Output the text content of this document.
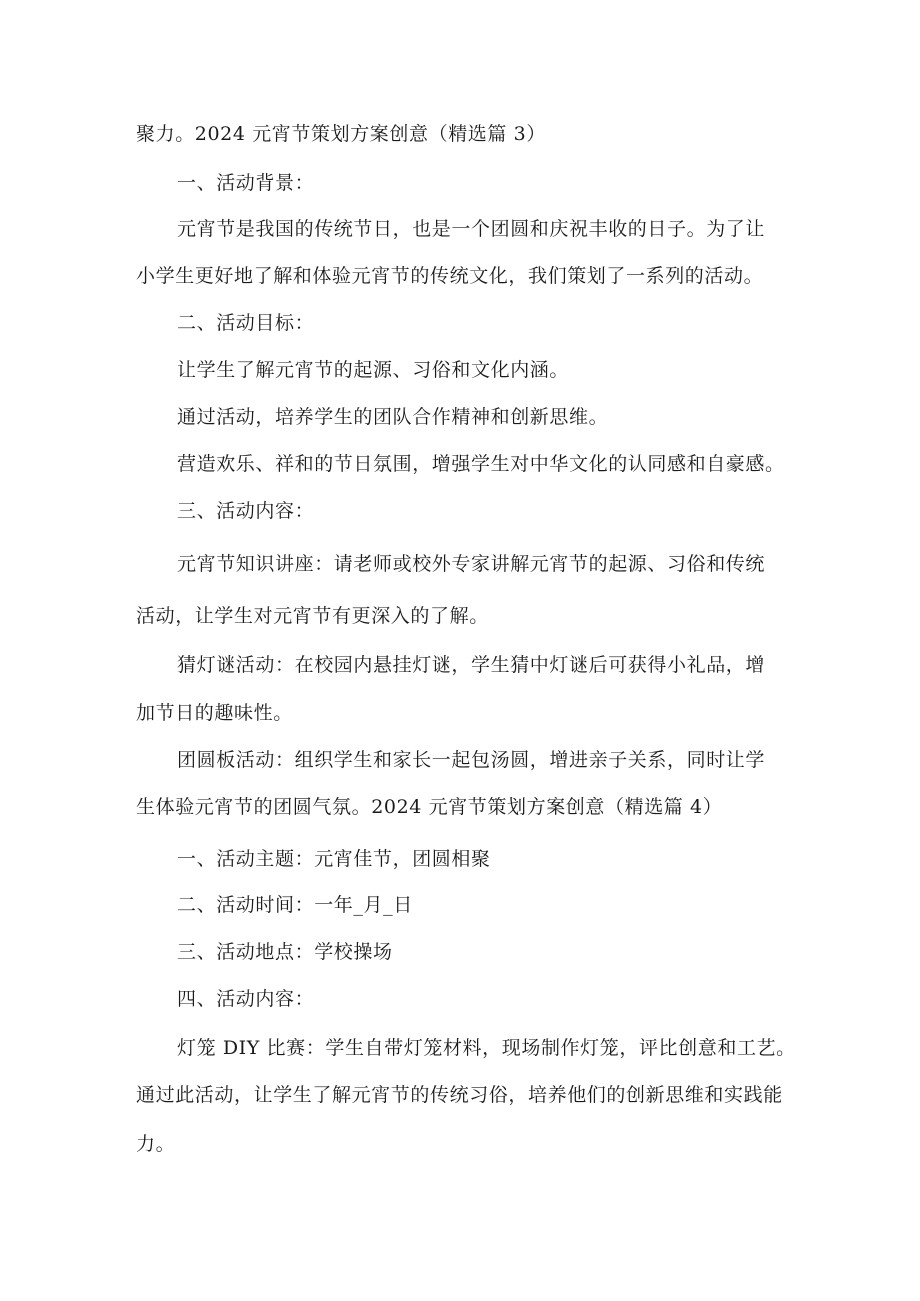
聚力。2024 元宵节策划方案创意（精选篇 3）
一、活动背景：
元宵节是我国的传统节日，也是一个团圆和庆祝丰收的日子。为了让
小学生更好地了解和体验元宵节的传统文化，我们策划了一系列的活动。
二、活动目标：
让学生了解元宵节的起源、习俗和文化内涵。
通过活动，培养学生的团队合作精神和创新思维。
营造欢乐、祥和的节日氛围，增强学生对中华文化的认同感和自豪感。
三、活动内容：
元宵节知识讲座：请老师或校外专家讲解元宵节的起源、习俗和传统
活动，让学生对元宵节有更深入的了解。
猜灯谜活动：在校园内悬挂灯谜，学生猜中灯谜后可获得小礼品，增
加节日的趣味性。
团圆板活动：组织学生和家长一起包汤圆，增进亲子关系，同时让学
生体验元宵节的团圆气氛。2024 元宵节策划方案创意（精选篇 4）
一、活动主题：元宵佳节，团圆相聚
二、活动时间：一年_月_日
三、活动地点：学校操场
四、活动内容：
灯笼 DIY 比赛：学生自带灯笼材料，现场制作灯笼，评比创意和工艺。
通过此活动，让学生了解元宵节的传统习俗，培养他们的创新思维和实践能
力。
